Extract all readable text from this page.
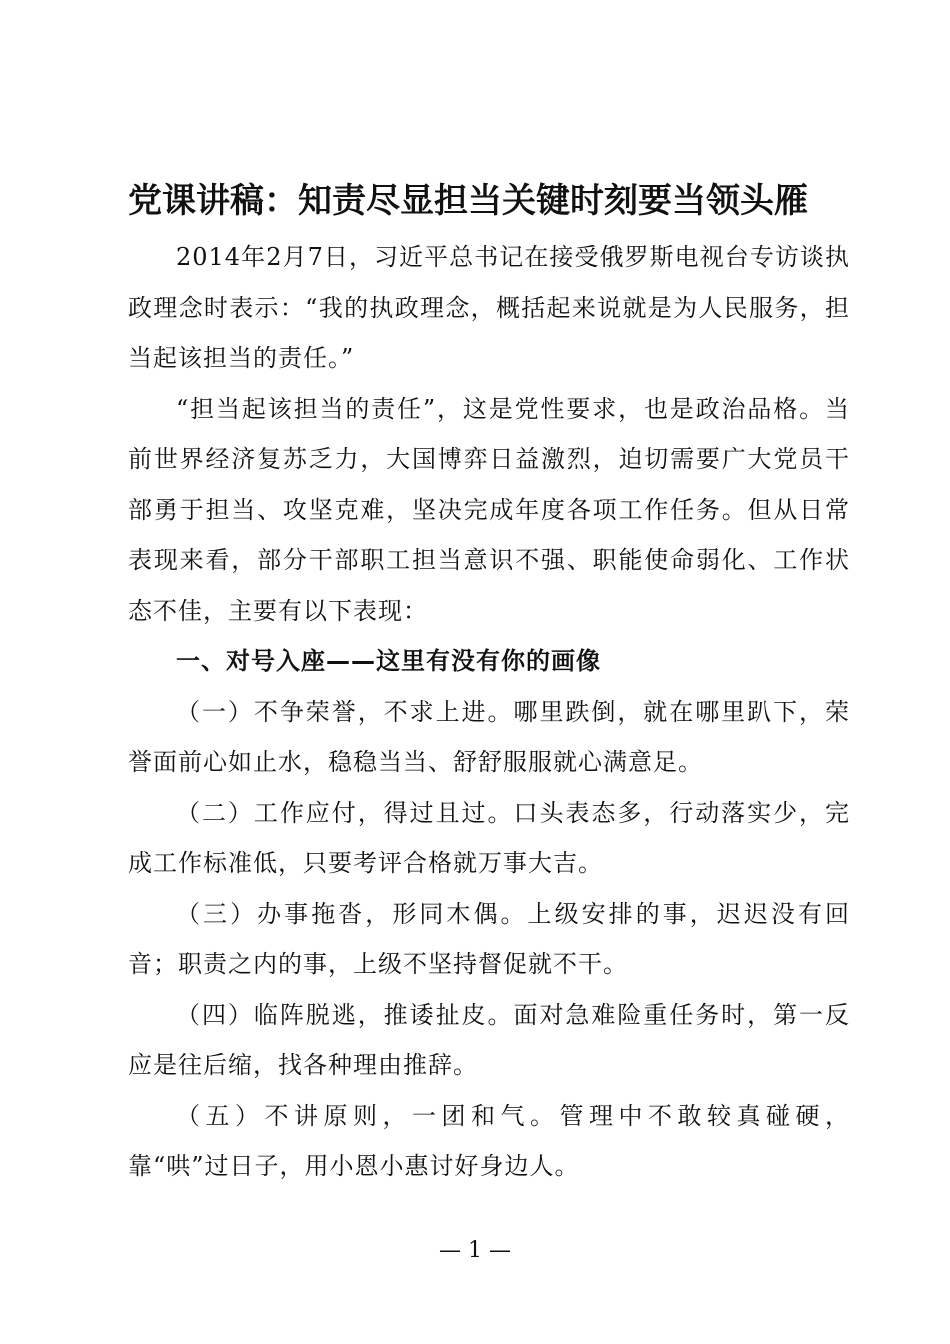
党课讲稿：知责尽显担当关键时刻要当领头雁

2014年2月7日，习近平总书记在接受俄罗斯电视台专访谈执政理念时表示：“我的执政理念，概括起来说就是为人民服务，担当起该担当的责任。”

“担当起该担当的责任”，这是党性要求，也是政治品格。当前世界经济复苏乏力，大国博弈日益激烈，迫切需要广大党员干部勇于担当、攻坚克难，坚决完成年度各项工作任务。但从日常表现来看，部分干部职工担当意识不强、职能使命弱化、工作状态不佳，主要有以下表现：

一、对号入座——这里有没有你的画像

（一）不争荣誉，不求上进。哪里跌倒，就在哪里趴下，荣誉面前心如止水，稳稳当当、舒舒服服就心满意足。

（二）工作应付，得过且过。口头表态多，行动落实少，完成工作标准低，只要考评合格就万事大吉。

（三）办事拖沓，形同木偶。上级安排的事，迟迟没有回音；职责之内的事，上级不坚持督促就不干。

（四）临阵脱逃，推诿扯皮。面对急难险重任务时，第一反应是往后缩，找各种理由推辞。

（五）不讲原则，一团和气。管理中不敢较真碰硬，靠“哄”过日子，用小恩小惠讨好身边人。

— 1 —
